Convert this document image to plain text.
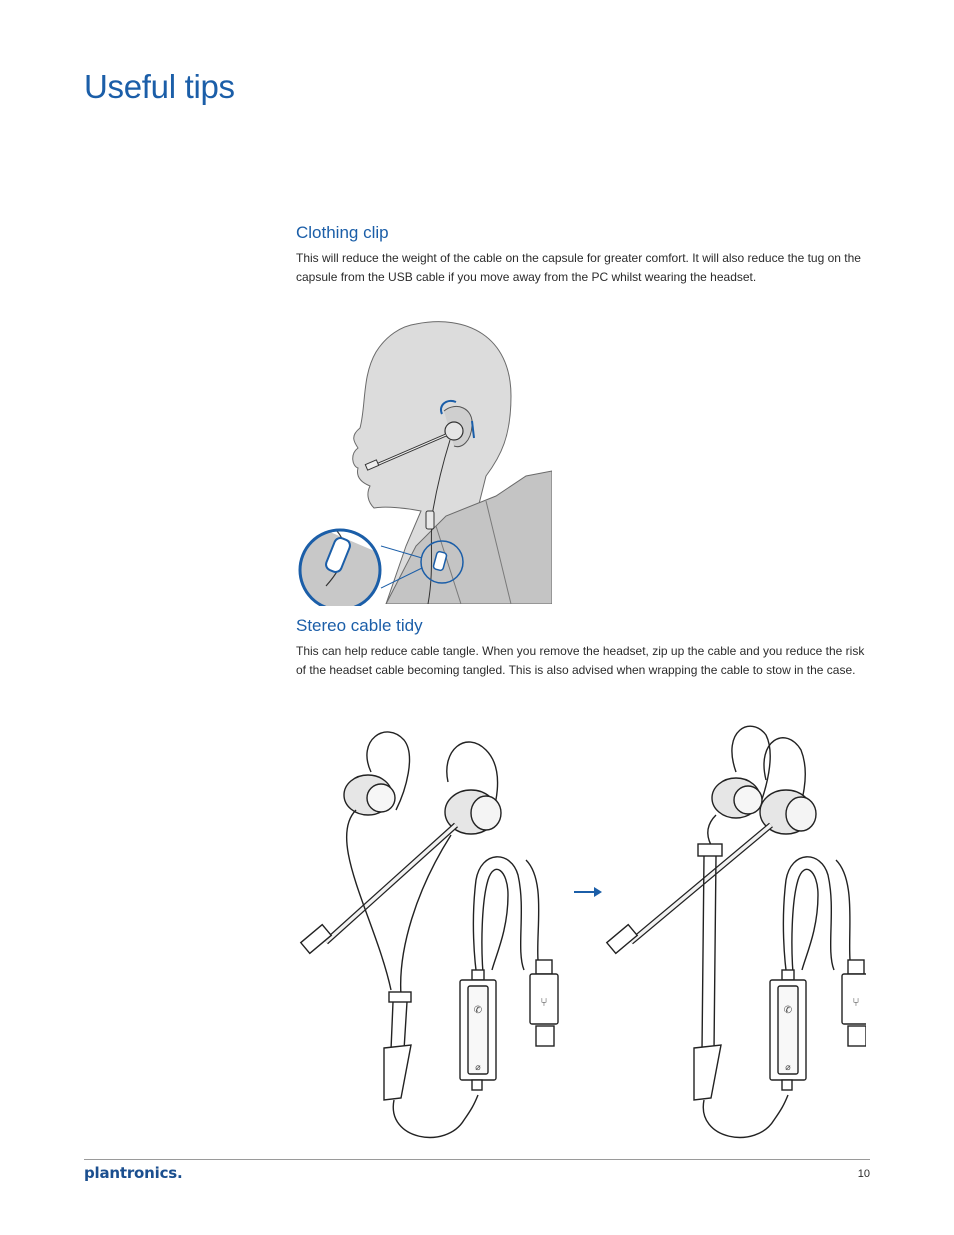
Useful tips
Clothing clip

This will reduce the weight of the cable on the capsule for greater comfort. It will also reduce the tug on the capsule from the USB cable if you move away from the PC whilst wearing the headset.

Stereo cable tidy

This can help reduce cable tangle. When you remove the headset, zip up the cable and you reduce the risk of the headset cable becoming tangled. This is also advised when wrapping the cable to stow in the case.

✆
⌀
⑂
✆
⌀
⑂
plantronics.	10
